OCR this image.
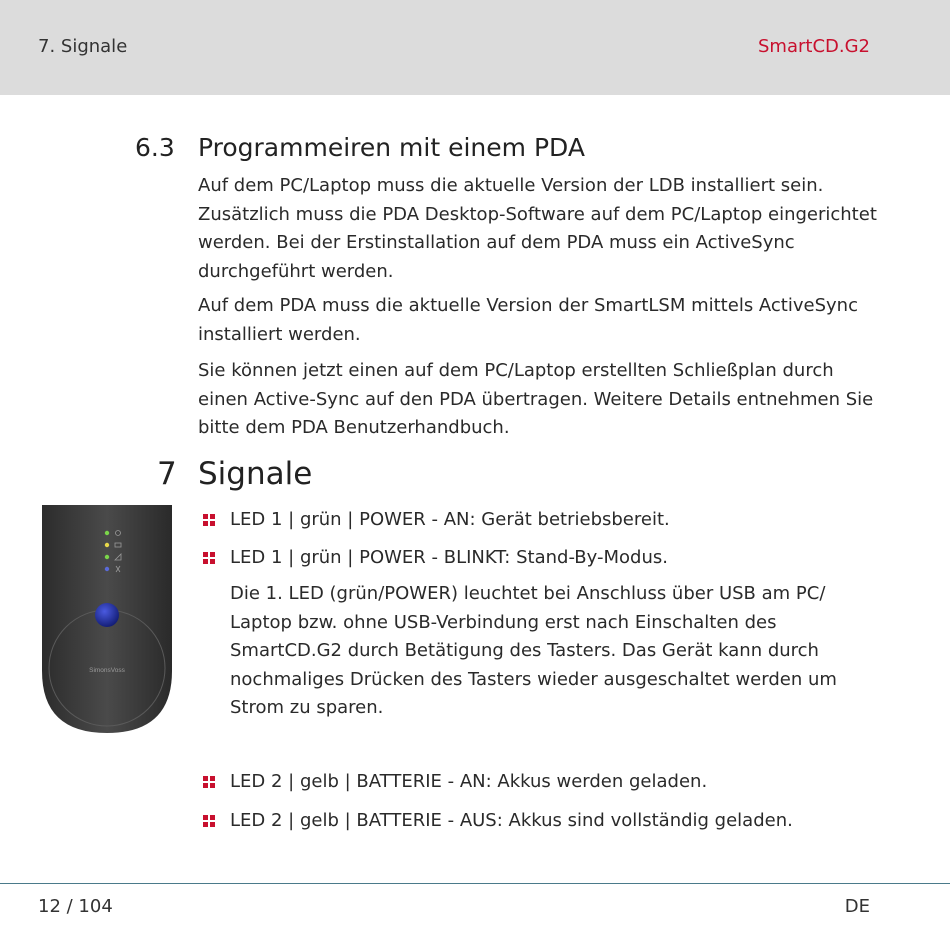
7. Signale	SmartCD.G2
6.3 Programmeiren mit einem PDA
Auf dem PC/Laptop muss die aktuelle Version der LDB installiert sein. Zusätzlich muss die PDA Desktop-Software auf dem PC/Laptop eingerichtet werden. Bei der Erstinstallation auf dem PDA muss ein ActiveSync durchgeführt werden.
Auf dem PDA muss die aktuelle Version der SmartLSM mittels ActiveSync installiert werden.
Sie können jetzt einen auf dem PC/Laptop erstellten Schließplan durch einen Active-Sync auf den PDA übertragen. Weitere Details entnehmen Sie bitte dem PDA Benutzerhandbuch.
7 Signale
SimonsVoss
LED 1 | grün | POWER - AN: Gerät betriebsbereit.
LED 1 | grün | POWER - BLINKT: Stand-By-Modus.
Die 1. LED (grün/POWER) leuchtet bei Anschluss über USB am PC/ Laptop bzw. ohne USB-Verbindung erst nach Einschalten des SmartCD.G2 durch Betätigung des Tasters. Das Gerät kann durch nochmaliges Drücken des Tasters wieder ausgeschaltet werden um Strom zu sparen.
LED 2 | gelb | BATTERIE - AN: Akkus werden geladen.
LED 2 | gelb | BATTERIE - AUS: Akkus sind vollständig geladen.
12 / 104	DE
